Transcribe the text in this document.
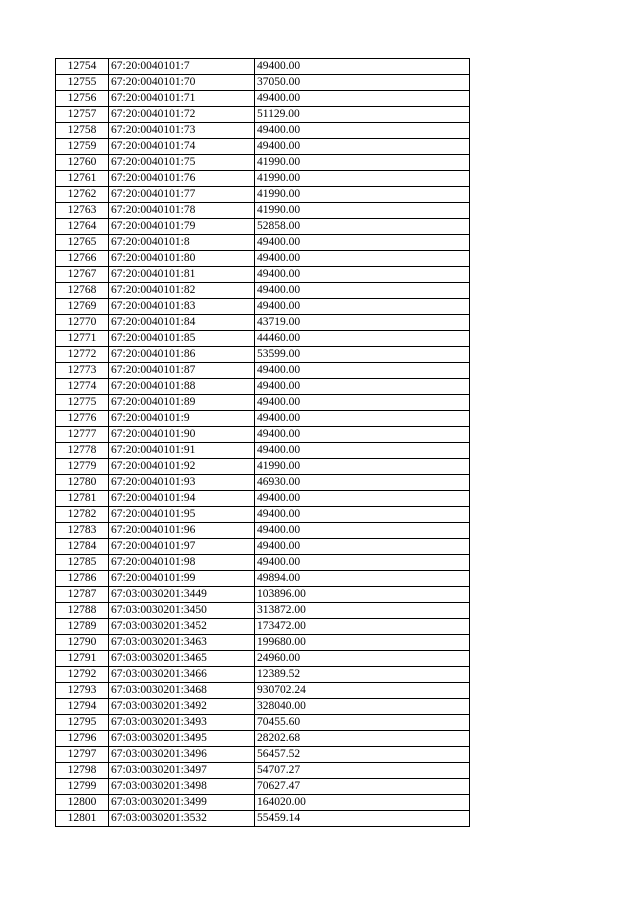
12754	67:20:0040101:7	49400.00
12755	67:20:0040101:70	37050.00
12756	67:20:0040101:71	49400.00
12757	67:20:0040101:72	51129.00
12758	67:20:0040101:73	49400.00
12759	67:20:0040101:74	49400.00
12760	67:20:0040101:75	41990.00
12761	67:20:0040101:76	41990.00
12762	67:20:0040101:77	41990.00
12763	67:20:0040101:78	41990.00
12764	67:20:0040101:79	52858.00
12765	67:20:0040101:8	49400.00
12766	67:20:0040101:80	49400.00
12767	67:20:0040101:81	49400.00
12768	67:20:0040101:82	49400.00
12769	67:20:0040101:83	49400.00
12770	67:20:0040101:84	43719.00
12771	67:20:0040101:85	44460.00
12772	67:20:0040101:86	53599.00
12773	67:20:0040101:87	49400.00
12774	67:20:0040101:88	49400.00
12775	67:20:0040101:89	49400.00
12776	67:20:0040101:9	49400.00
12777	67:20:0040101:90	49400.00
12778	67:20:0040101:91	49400.00
12779	67:20:0040101:92	41990.00
12780	67:20:0040101:93	46930.00
12781	67:20:0040101:94	49400.00
12782	67:20:0040101:95	49400.00
12783	67:20:0040101:96	49400.00
12784	67:20:0040101:97	49400.00
12785	67:20:0040101:98	49400.00
12786	67:20:0040101:99	49894.00
12787	67:03:0030201:3449	103896.00
12788	67:03:0030201:3450	313872.00
12789	67:03:0030201:3452	173472.00
12790	67:03:0030201:3463	199680.00
12791	67:03:0030201:3465	24960.00
12792	67:03:0030201:3466	12389.52
12793	67:03:0030201:3468	930702.24
12794	67:03:0030201:3492	328040.00
12795	67:03:0030201:3493	70455.60
12796	67:03:0030201:3495	28202.68
12797	67:03:0030201:3496	56457.52
12798	67:03:0030201:3497	54707.27
12799	67:03:0030201:3498	70627.47
12800	67:03:0030201:3499	164020.00
12801	67:03:0030201:3532	55459.14
